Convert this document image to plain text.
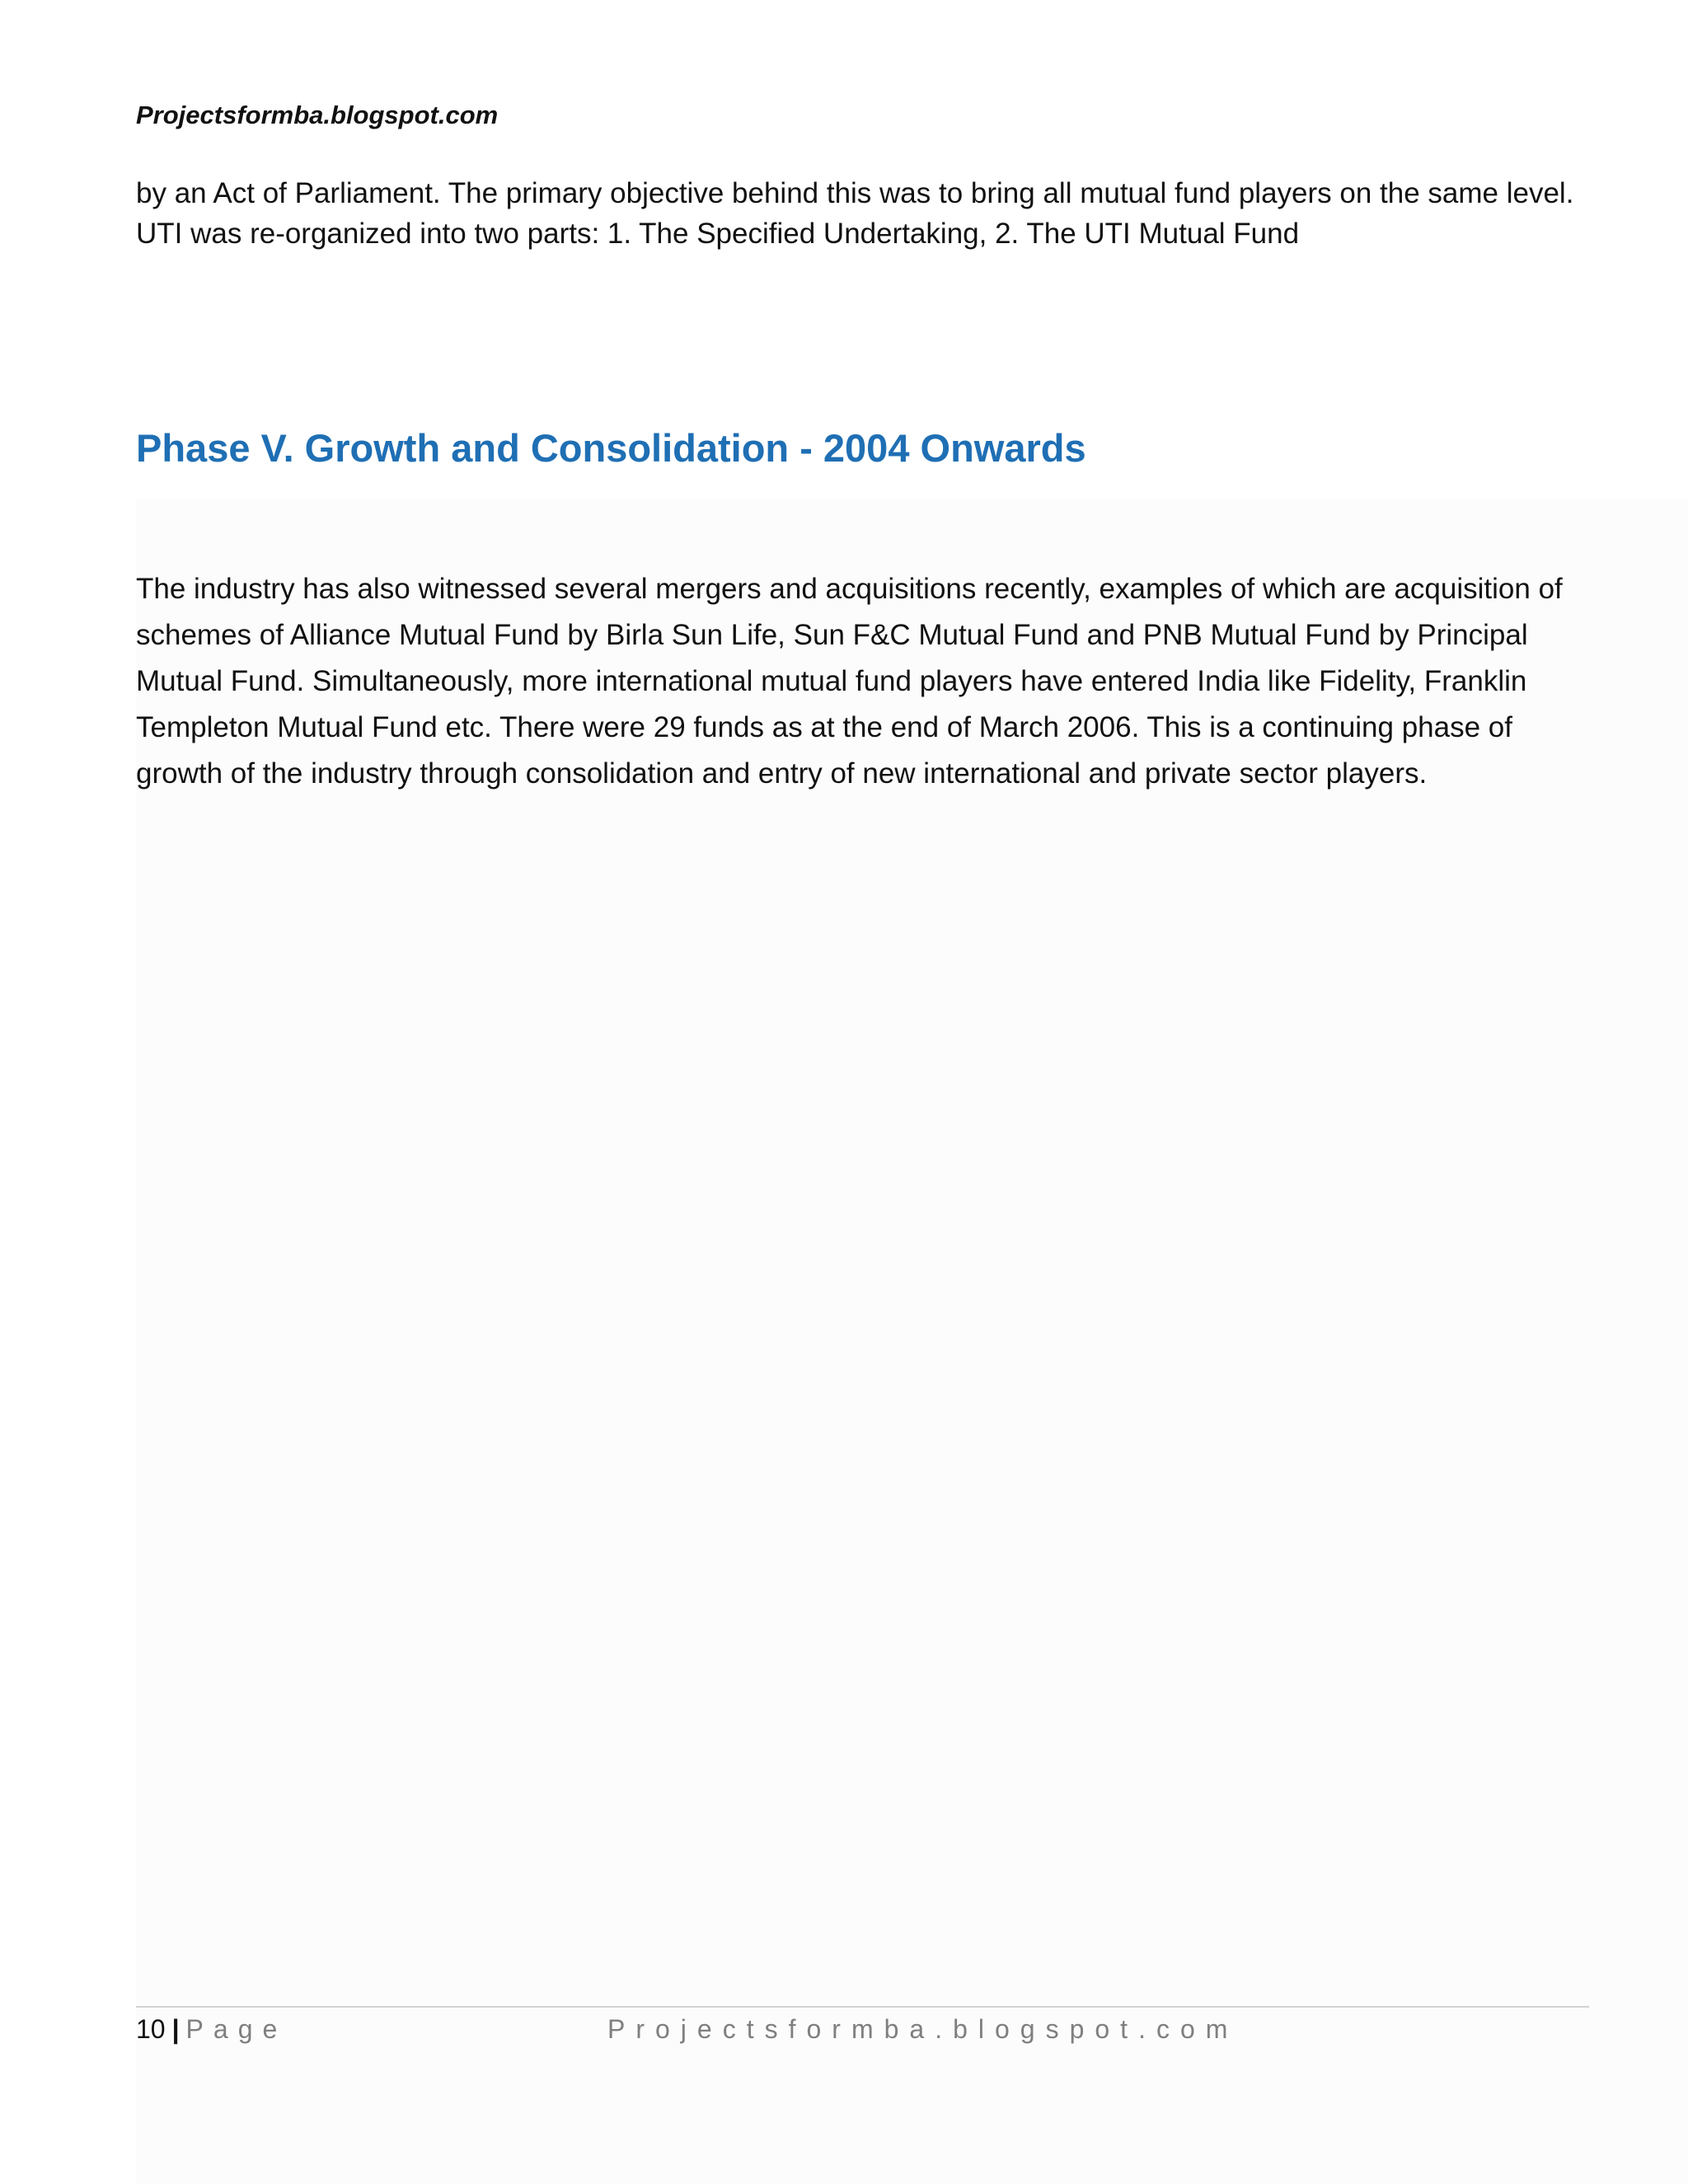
Projectsformba.blogspot.com

by an Act of Parliament. The primary objective behind this was to bring all mutual fund players on the same level. UTI was re-organized into two parts: 1. The Specified Undertaking, 2. The UTI Mutual Fund

Phase V. Growth and Consolidation - 2004 Onwards

The industry has also witnessed several mergers and acquisitions recently, examples of which are acquisition of schemes of Alliance Mutual Fund by Birla Sun Life, Sun F&C Mutual Fund and PNB Mutual Fund by Principal Mutual Fund. Simultaneously, more international mutual fund players have entered India like Fidelity, Franklin Templeton Mutual Fund etc. There were 29 funds as at the end of March 2006. This is a continuing phase of growth of the industry through consolidation and entry of new international and private sector players.

10 | Page	Projectsformba.blogspot.com
